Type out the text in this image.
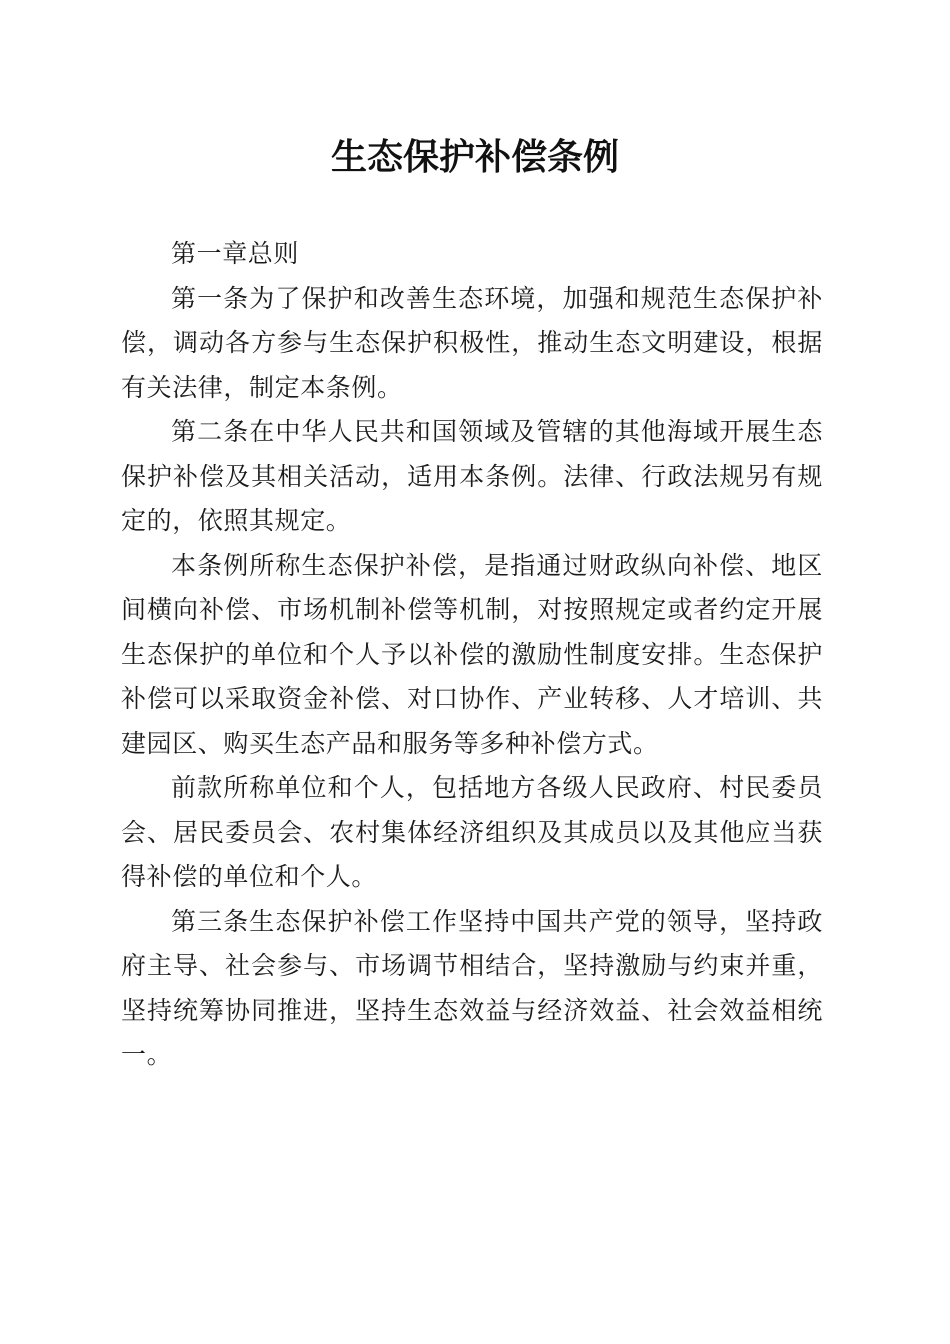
生态保护补偿条例

第一章总则

第一条为了保护和改善生态环境，加强和规范生态保护补偿，调动各方参与生态保护积极性，推动生态文明建设，根据有关法律，制定本条例。

第二条在中华人民共和国领域及管辖的其他海域开展生态保护补偿及其相关活动，适用本条例。法律、行政法规另有规定的，依照其规定。

本条例所称生态保护补偿，是指通过财政纵向补偿、地区间横向补偿、市场机制补偿等机制，对按照规定或者约定开展生态保护的单位和个人予以补偿的激励性制度安排。生态保护补偿可以采取资金补偿、对口协作、产业转移、人才培训、共建园区、购买生态产品和服务等多种补偿方式。

前款所称单位和个人，包括地方各级人民政府、村民委员会、居民委员会、农村集体经济组织及其成员以及其他应当获得补偿的单位和个人。

第三条生态保护补偿工作坚持中国共产党的领导，坚持政府主导、社会参与、市场调节相结合，坚持激励与约束并重，坚持统筹协同推进，坚持生态效益与经济效益、社会效益相统一。
